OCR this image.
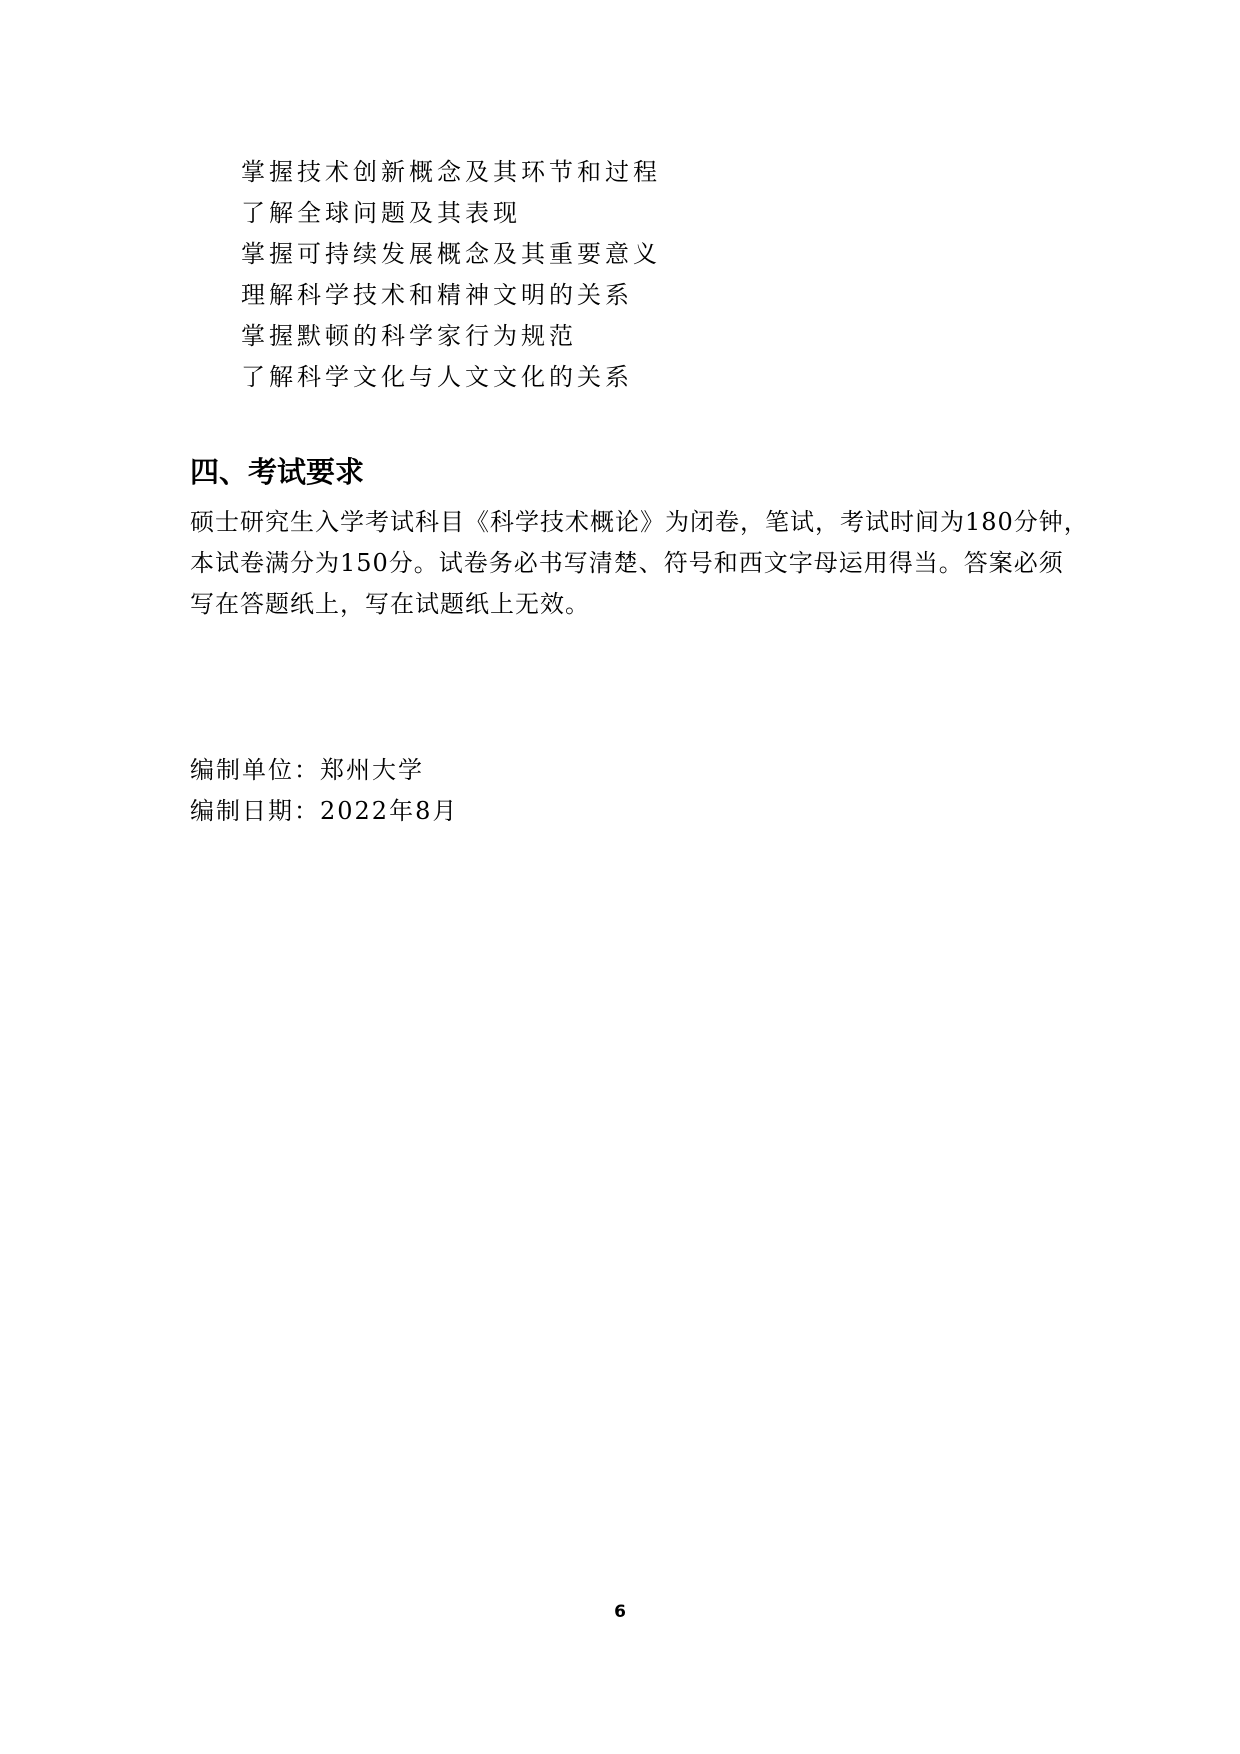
掌握技术创新概念及其环节和过程
了解全球问题及其表现
掌握可持续发展概念及其重要意义
理解科学技术和精神文明的关系
掌握默顿的科学家行为规范
了解科学文化与人文文化的关系
四、考试要求

硕士研究生入学考试科目《科学技术概论》为闭卷，笔试，考试时间为180分钟，
本试卷满分为150分。试卷务必书写清楚、符号和西文字母运用得当。答案必须
写在答题纸上，写在试题纸上无效。

编制单位：郑州大学
编制日期：2022年8月
6
